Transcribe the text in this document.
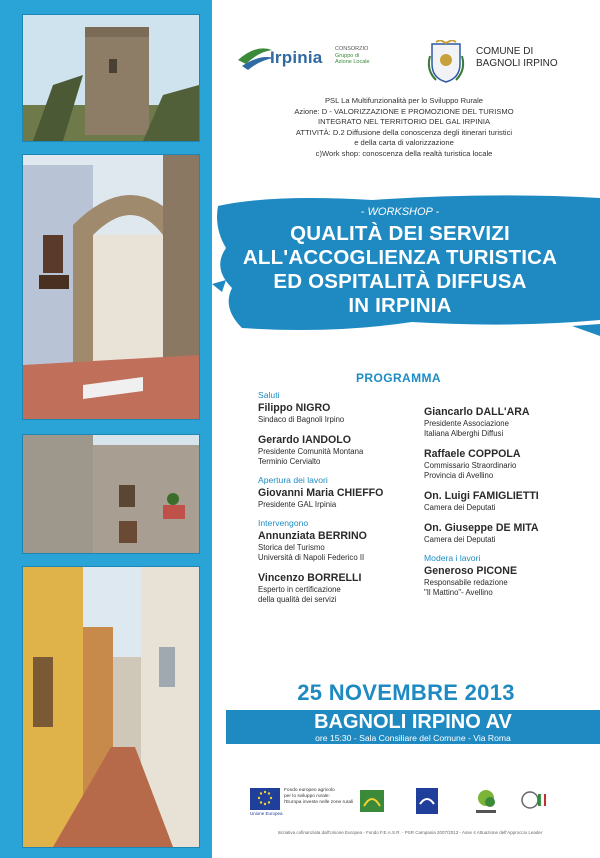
Irpinia CONSORZIO
Gruppo di
Azione Locale
COMUNE DI
BAGNOLI IRPINO
PSL La Multifunzionalità per lo Sviluppo Rurale
Azione: D - VALORIZZAZIONE E PROMOZIONE DEL TURISMO
INTEGRATO NEL TERRITORIO DEL GAL IRPINIA
ATTIVITÀ: D.2 Diffusione della conoscenza degli itinerari turistici
e della carta di valorizzazione
c)Work shop: conoscenza della realtà turistica locale
- WORKSHOP -
QUALITÀ DEI SERVIZI
ALL'ACCOGLIENZA TURISTICA
ED OSPITALITÀ DIFFUSA
IN IRPINIA
PROGRAMMA
Saluti
Filippo NIGRO
Sindaco di Bagnoli Irpino
Gerardo IANDOLO
Presidente Comunità Montana
Terminio Cervialto
Apertura dei lavori
Giovanni Maria CHIEFFO
Presidente GAL Irpinia
Intervengono
Annunziata BERRINO
Storica del Turismo
Università di Napoli Federico II
Vincenzo BORRELLI
Esperto in certificazione
della qualità dei servizi
Giancarlo DALL'ARA
Presidente Associazione
Italiana Alberghi Diffusi
Raffaele COPPOLA
Commissario Straordinario
Provincia di Avellino
On. Luigi FAMIGLIETTI
Camera dei Deputati
On. Giuseppe DE MITA
Camera dei Deputati
Modera i lavori
Generoso PICONE
Responsabile redazione
"Il Mattino"- Avellino
25 NOVEMBRE 2013
BAGNOLI IRPINO AV
ore 15:30 - Sala Consiliare del Comune - Via Roma
Fondo europeo agricolo
per lo sviluppo rurale:
l'Europa investe nelle zone rurali
Unione Europea
Iniziativa cofinanziata dall'Unione Europea - Fondo F.E.A.S.R. - PSR Campania 2007/2013 - Asse 4 Attuazione dell'Approccio Leader
